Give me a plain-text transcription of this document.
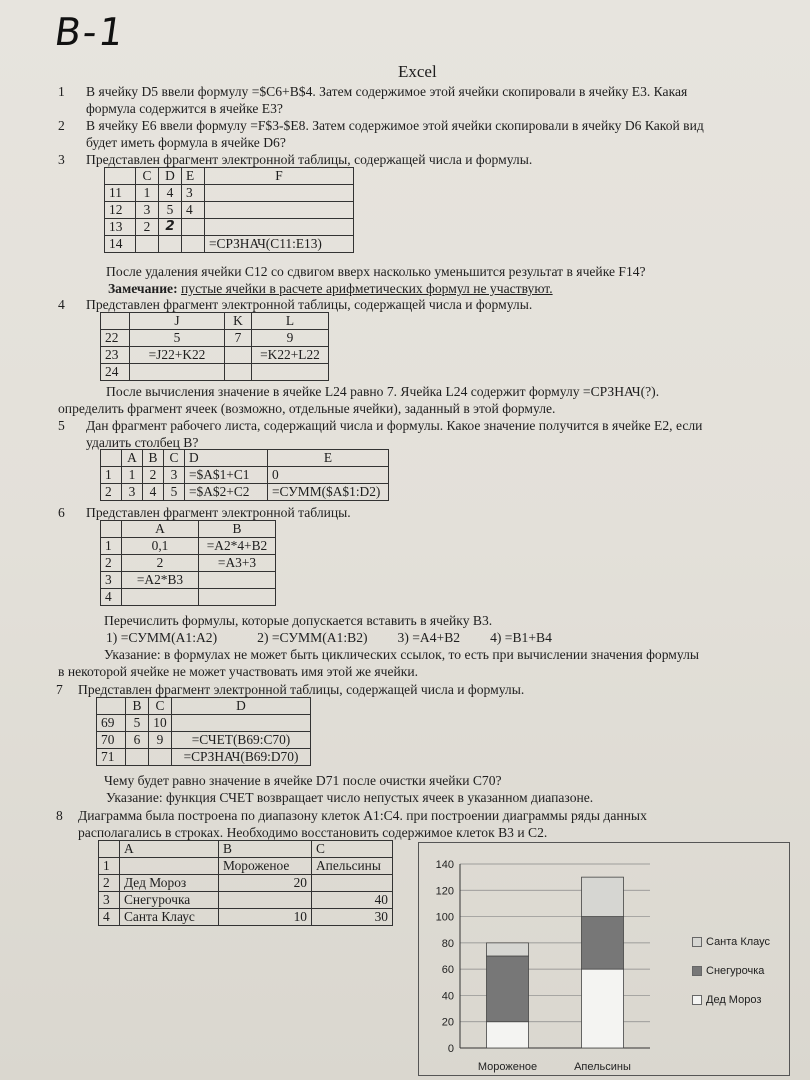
В-1
Excel
1 В ячейку D5 ввели формулу =$C6+B$4. Затем содержимое этой ячейки скопировали в ячейку E3. Какая
формула содержится в ячейке E3?
2 В ячейку E6 ввели формулу =F$3-$E8. Затем содержимое этой ячейки скопировали в ячейку D6 Какой вид
будет иметь формула в ячейке D6?
3 Представлен фрагмент электронной таблицы, содержащей числа и формулы.
	C	D	E	F
11	1	4	3	
12	3	5	4	
13	2	2		
14				=СРЗНАЧ(C11:E13)
После удаления ячейки C12 со сдвигом вверх насколько уменьшится результат в ячейке F14?
Замечание: пустые ячейки в расчете арифметических формул не участвуют.
4 Представлен фрагмент электронной таблицы, содержащей числа и формулы.
	J	K	L
22	5	7	9
23	=J22+K22		=K22+L22
24			
После вычисления значение в ячейке L24 равно 7. Ячейка L24 содержит формулу =СРЗНАЧ(?).
определить фрагмент ячеек (возможно, отдельные ячейки), заданный в этой формуле.
5 Дан фрагмент рабочего листа, содержащий числа и формулы. Какое значение получится в ячейке E2, если
удалить столбец B?
	A	B	C	D	E
1	1	2	3	=$A$1+C1	0
2	3	4	5	=$A$2+C2	=СУММ($A$1:D2)
6 Представлен фрагмент электронной таблицы.
	A	B
1	0,1	=A2*4+B2
2	2	=A3+3
3	=A2*B3	
4		
Перечислить формулы, которые допускается вставить в ячейку B3.
1) =СУММ(A1:A2)	2) =СУММ(A1:B2) 3) =A4+B2 4) =B1+B4
Указание: в формулах не может быть циклических ссылок, то есть при вычислении значения формулы
в некоторой ячейке не может участвовать имя этой же ячейки.
7 Представлен фрагмент электронной таблицы, содержащей числа и формулы.
	B	C	D
69	5	10	
70	6	9	=СЧЕТ(B69:C70)
71			=СРЗНАЧ(B69:D70)
Чему будет равно значение в ячейке D71 после очистки ячейки C70?
Указание: функция СЧЕТ возвращает число непустых ячеек в указанном диапазоне.
8 Диаграмма была построена по диапазону клеток A1:C4. при построении диаграммы ряды данных
располагались в строках. Необходимо восстановить содержимое клеток B3 и C2.
	A	B	C
1		Мороженое	Апельсины
2	Дед Мороз	20	
3	Снегурочка		40
4	Санта Клаус	10	30
0
20
40
60
80
100
120
140
Мороженое	Апельсины
Санта Клаус
Снегурочка
Дед Мороз
